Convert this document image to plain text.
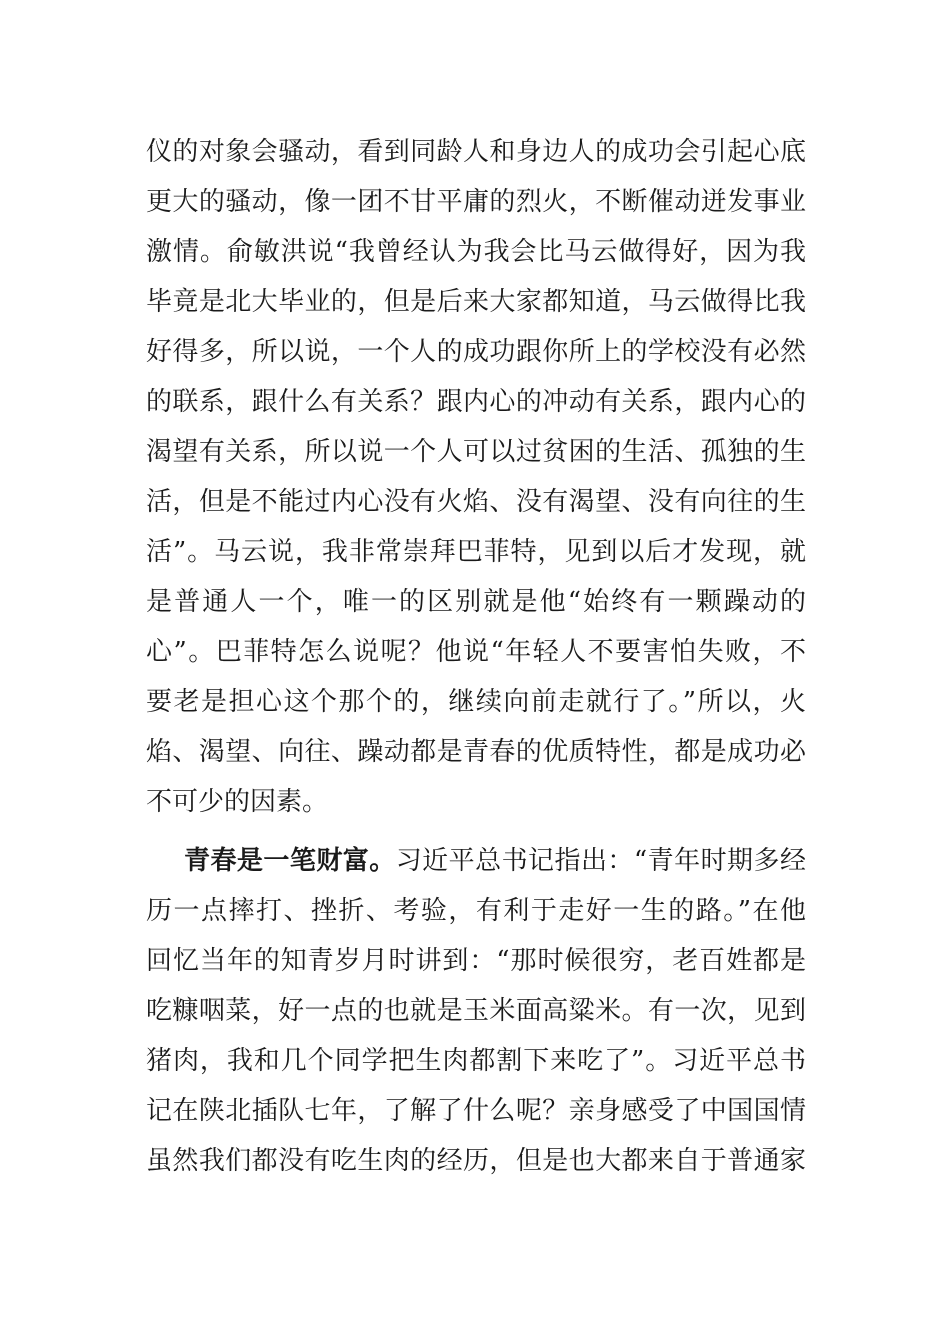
仪的对象会骚动，看到同龄人和身边人的成功会引起心底
更大的骚动，像一团不甘平庸的烈火，不断催动迸发事业
激情。俞敏洪说“我曾经认为我会比马云做得好，因为我
毕竟是北大毕业的，但是后来大家都知道，马云做得比我
好得多，所以说，一个人的成功跟你所上的学校没有必然
的联系，跟什么有关系？跟内心的冲动有关系，跟内心的
渴望有关系，所以说一个人可以过贫困的生活、孤独的生
活，但是不能过内心没有火焰、没有渴望、没有向往的生
活”。马云说，我非常崇拜巴菲特，见到以后才发现，就
是普通人一个，唯一的区别就是他“始终有一颗躁动的
心”。巴菲特怎么说呢？他说“年轻人不要害怕失败，不
要老是担心这个那个的，继续向前走就行了。”所以，火
焰、渴望、向往、躁动都是青春的优质特性，都是成功必
不可少的因素。
青春是一笔财富。习近平总书记指出：“青年时期多经
历一点摔打、挫折、考验，有利于走好一生的路。”在他
回忆当年的知青岁月时讲到：“那时候很穷，老百姓都是
吃糠咽菜，好一点的也就是玉米面高粱米。有一次，见到
猪肉，我和几个同学把生肉都割下来吃了”。习近平总书
记在陕北插队七年，了解了什么呢？亲身感受了中国国情
虽然我们都没有吃生肉的经历，但是也大都来自于普通家
